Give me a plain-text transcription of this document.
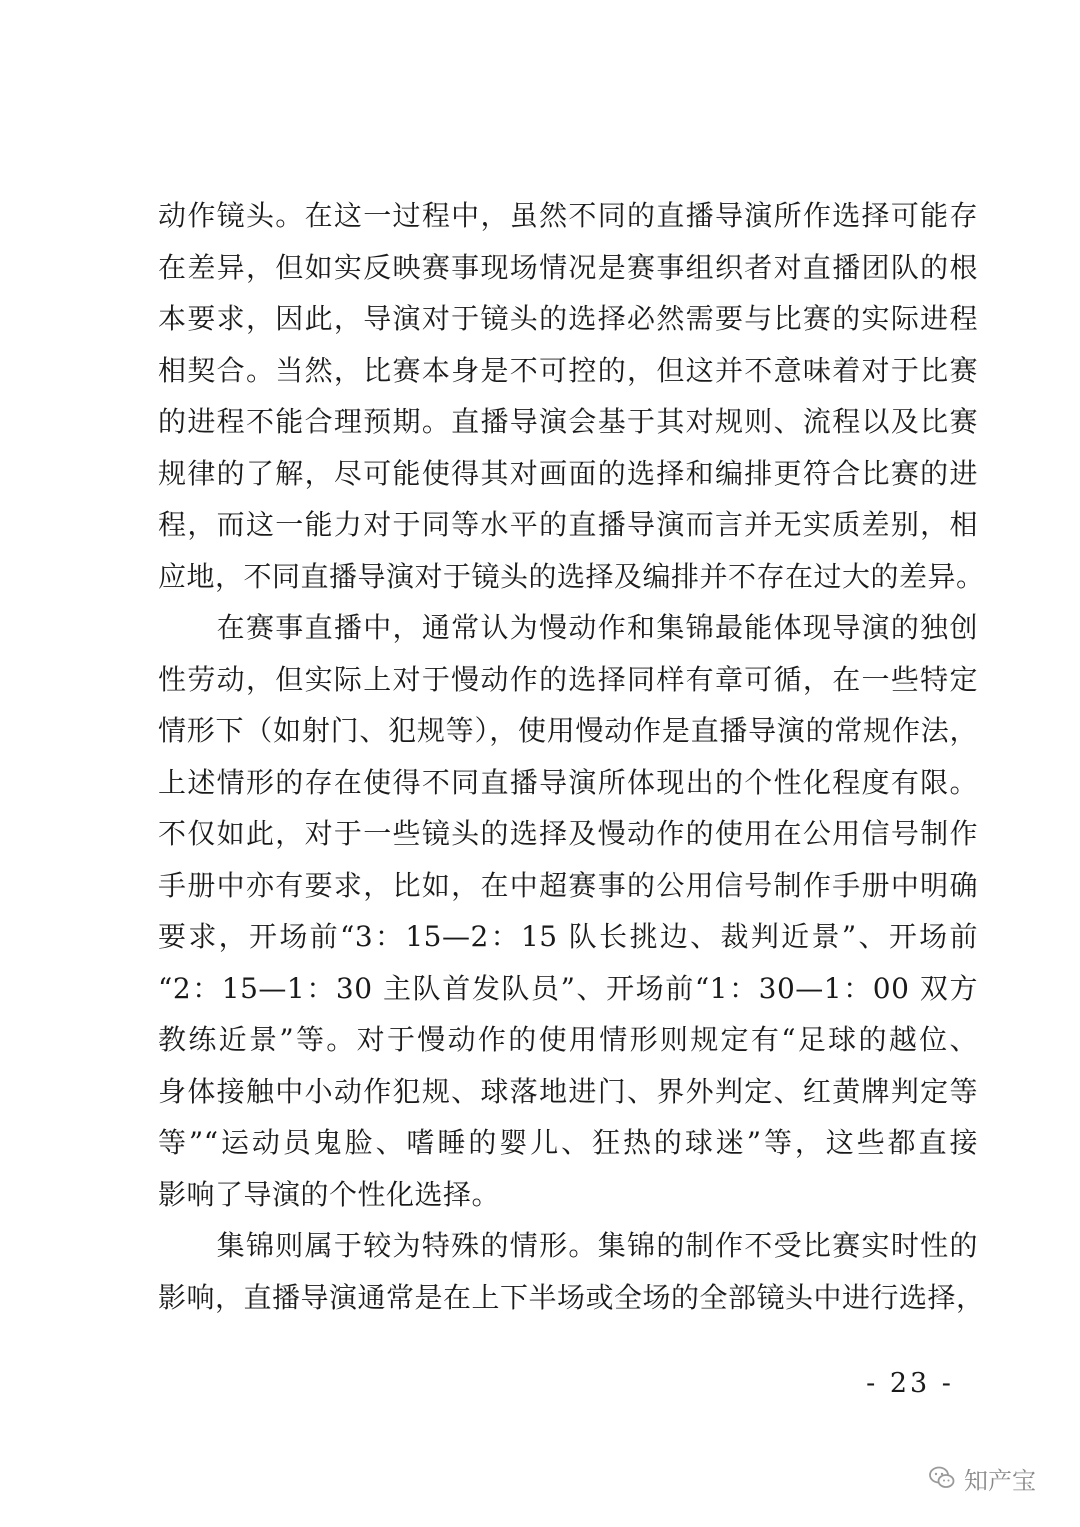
动作镜头。在这一过程中，虽然不同的直播导演所作选择可能存
在差异，但如实反映赛事现场情况是赛事组织者对直播团队的根
本要求，因此，导演对于镜头的选择必然需要与比赛的实际进程
相契合。当然，比赛本身是不可控的，但这并不意味着对于比赛
的进程不能合理预期。直播导演会基于其对规则、流程以及比赛
规律的了解，尽可能使得其对画面的选择和编排更符合比赛的进
程，而这一能力对于同等水平的直播导演而言并无实质差别，相
应地，不同直播导演对于镜头的选择及编排并不存在过大的差异。
　　在赛事直播中，通常认为慢动作和集锦最能体现导演的独创
性劳动，但实际上对于慢动作的选择同样有章可循，在一些特定
情形下（如射门、犯规等），使用慢动作是直播导演的常规作法，
上述情形的存在使得不同直播导演所体现出的个性化程度有限。
不仅如此，对于一些镜头的选择及慢动作的使用在公用信号制作
手册中亦有要求，比如，在中超赛事的公用信号制作手册中明确
要求，开场前“3：15—2：15 队长挑边、裁判近景”、开场前
“2：15—1：30 主队首发队员”、开场前“1：30—1：00 双方
教练近景”等。对于慢动作的使用情形则规定有“足球的越位、
身体接触中小动作犯规、球落地进门、界外判定、红黄牌判定等
等”“运动员鬼脸、嗜睡的婴儿、狂热的球迷”等，这些都直接
影响了导演的个性化选择。
　　集锦则属于较为特殊的情形。集锦的制作不受比赛实时性的
影响，直播导演通常是在上下半场或全场的全部镜头中进行选择，
- 23 -
知产宝
